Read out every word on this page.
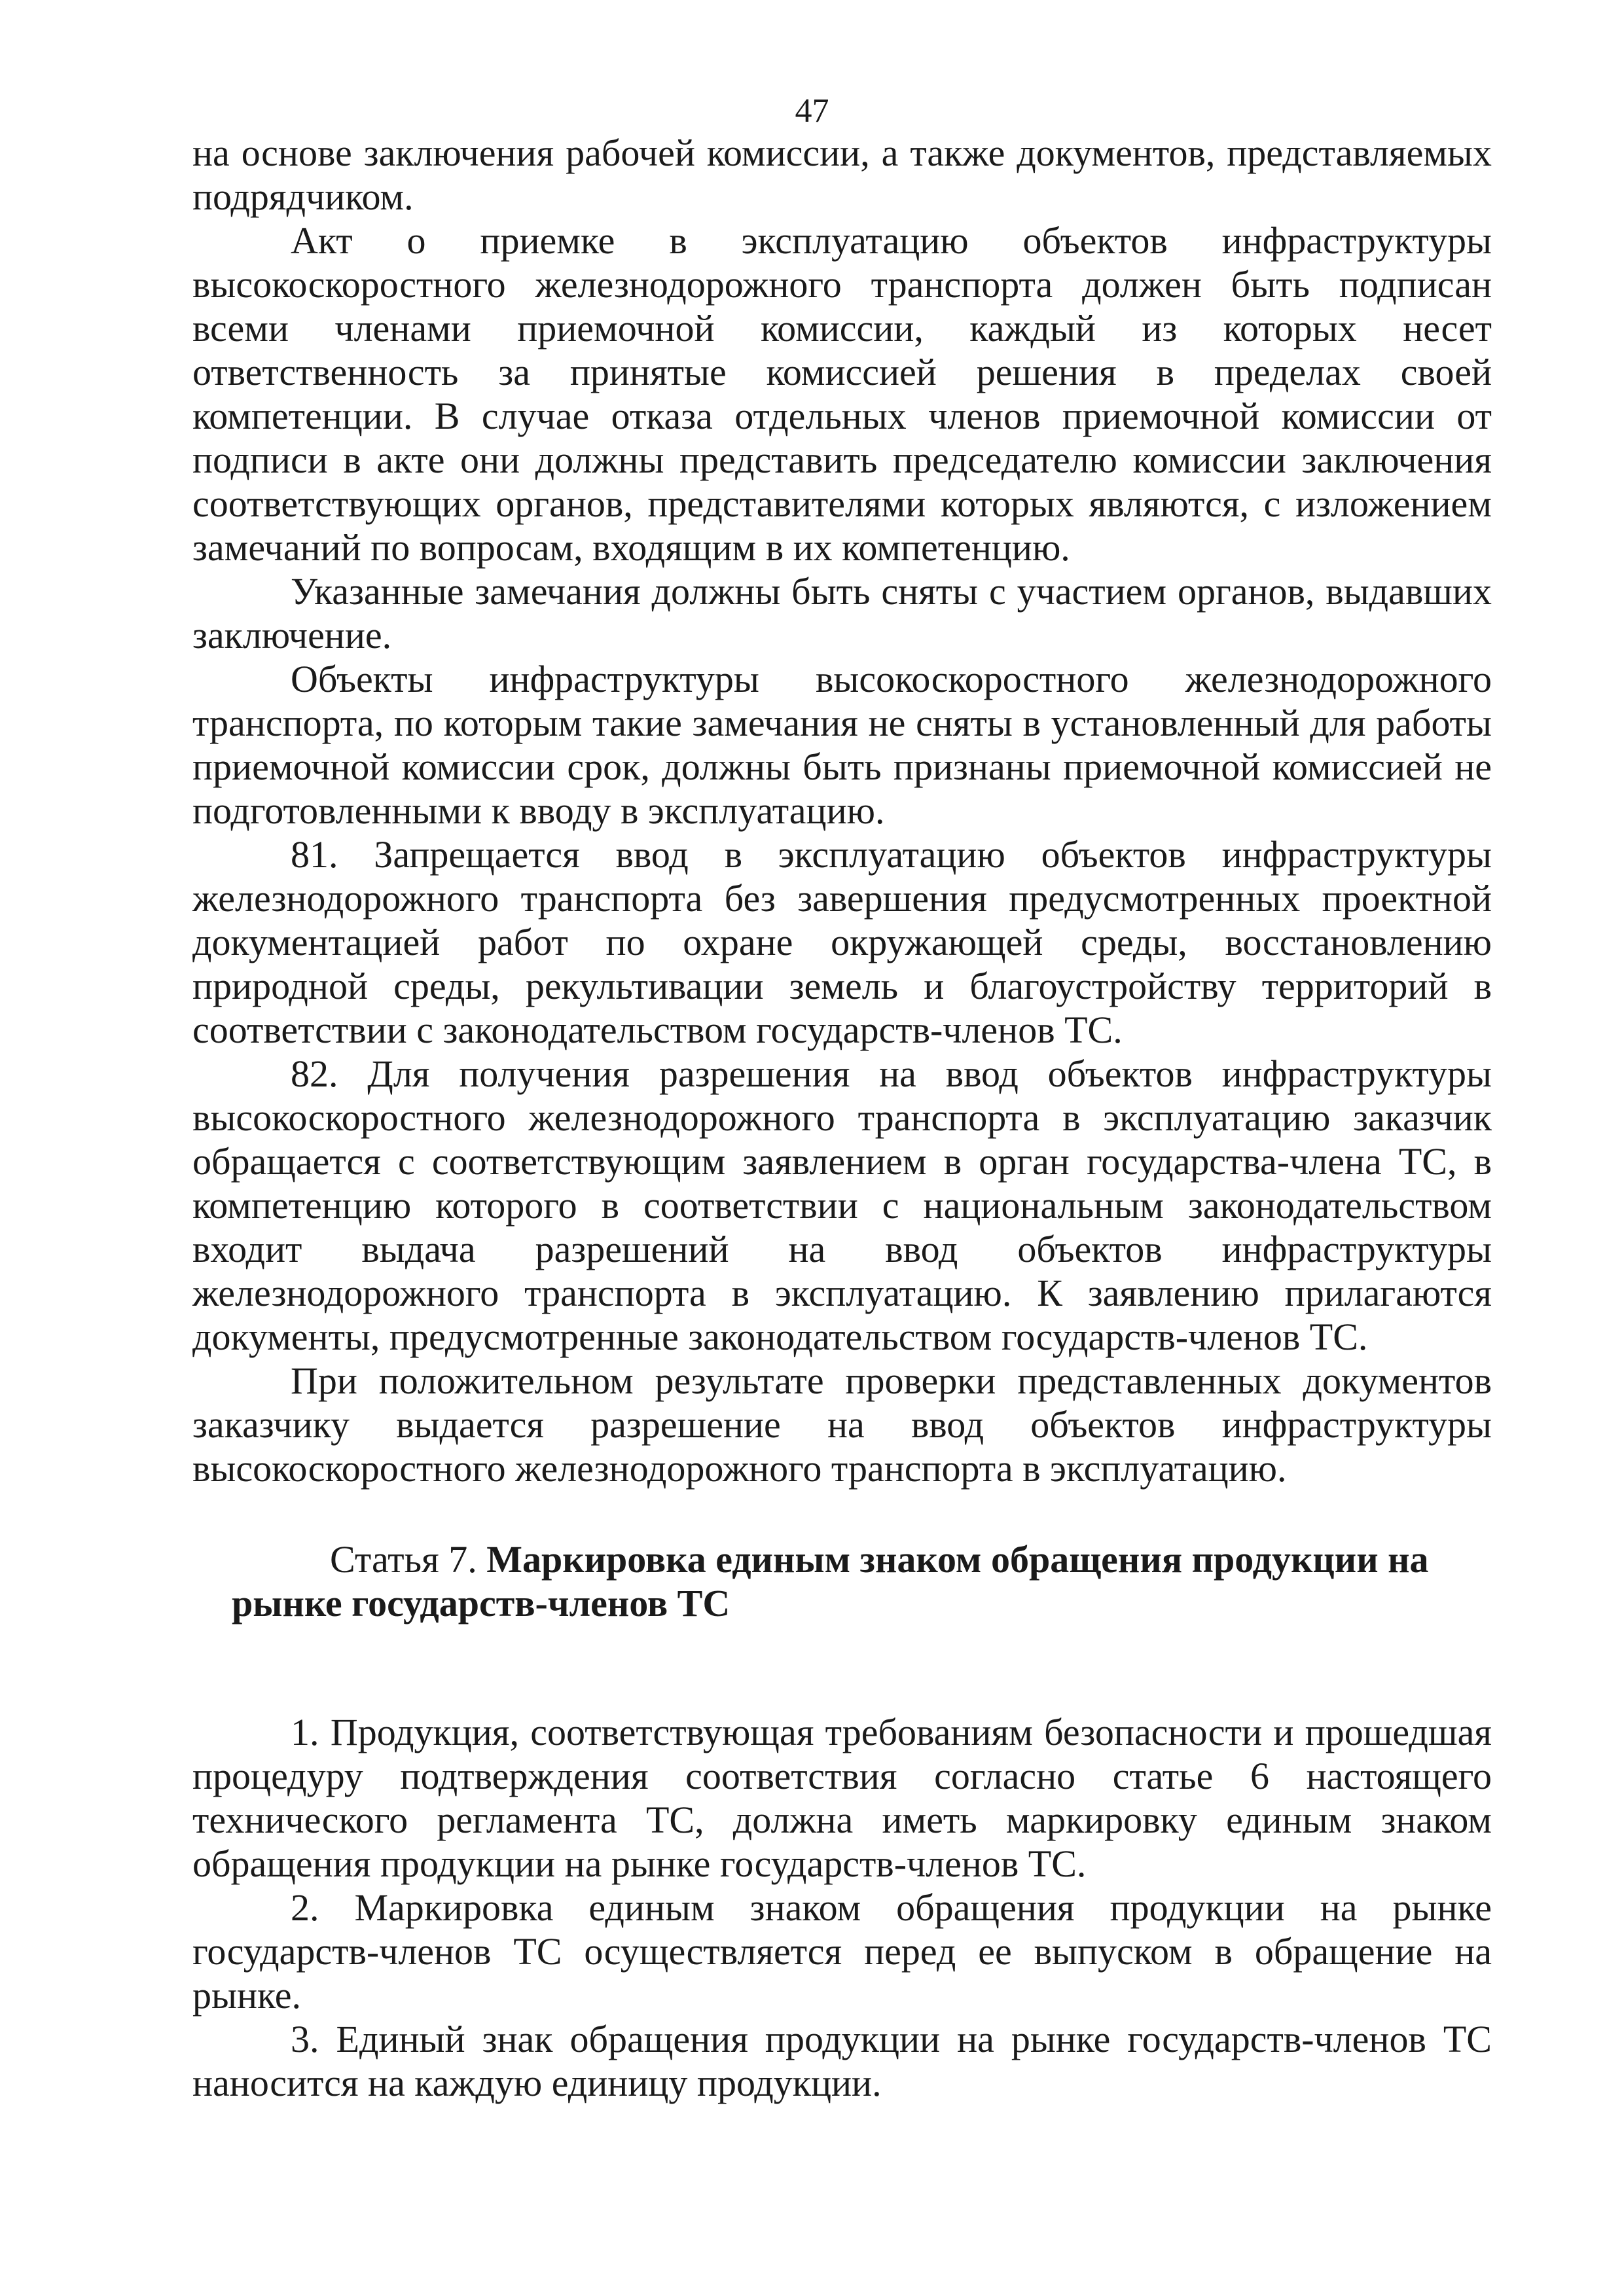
47

на основе заключения рабочей комиссии, а также документов, представляемых подрядчиком.

Акт о приемке в эксплуатацию объектов инфраструктуры высокоскоростного железнодорожного транспорта должен быть подписан всеми членами приемочной комиссии, каждый из которых несет ответственность за принятые комиссией решения в пределах своей компетенции. В случае отказа отдельных членов приемочной комиссии от подписи в акте они должны представить председателю комиссии заключения соответствующих органов, представителями которых являются, с изложением замечаний по вопросам, входящим в их компетенцию.

Указанные замечания должны быть сняты с участием органов, выдавших заключение.

Объекты инфраструктуры высокоскоростного железнодорожного транспорта, по которым такие замечания не сняты в установленный для работы приемочной комиссии срок, должны быть признаны приемочной комиссией не подготовленными к вводу в эксплуатацию.

81. Запрещается ввод в эксплуатацию объектов инфраструктуры железнодорожного транспорта без завершения предусмотренных проектной документацией работ по охране окружающей среды, восстановлению природной среды, рекультивации земель и благоустройству территорий в соответствии с законодательством государств-членов ТС.

82. Для получения разрешения на ввод объектов инфраструктуры высокоскоростного железнодорожного транспорта в эксплуатацию заказчик обращается с соответствующим заявлением в орган государства-члена ТС, в компетенцию которого в соответствии с национальным законодательством входит выдача разрешений на ввод объектов инфраструктуры железнодорожного транспорта в эксплуатацию. К заявлению прилагаются документы, предусмотренные законодательством государств-членов ТС.

При положительном результате проверки представленных документов заказчику выдается разрешение на ввод объектов инфраструктуры высокоскоростного железнодорожного транспорта в эксплуатацию.

Статья 7. Маркировка единым знаком обращения продукции на рынке государств-членов ТС

1. Продукция, соответствующая требованиям безопасности и прошедшая процедуру подтверждения соответствия согласно статье 6 настоящего технического регламента ТС, должна иметь маркировку единым знаком обращения продукции на рынке государств-членов ТС.

2. Маркировка единым знаком обращения продукции на рынке государств-членов ТС осуществляется перед ее выпуском в обращение на рынке.

3. Единый знак обращения продукции на рынке государств-членов ТС наносится на каждую единицу продукции.
